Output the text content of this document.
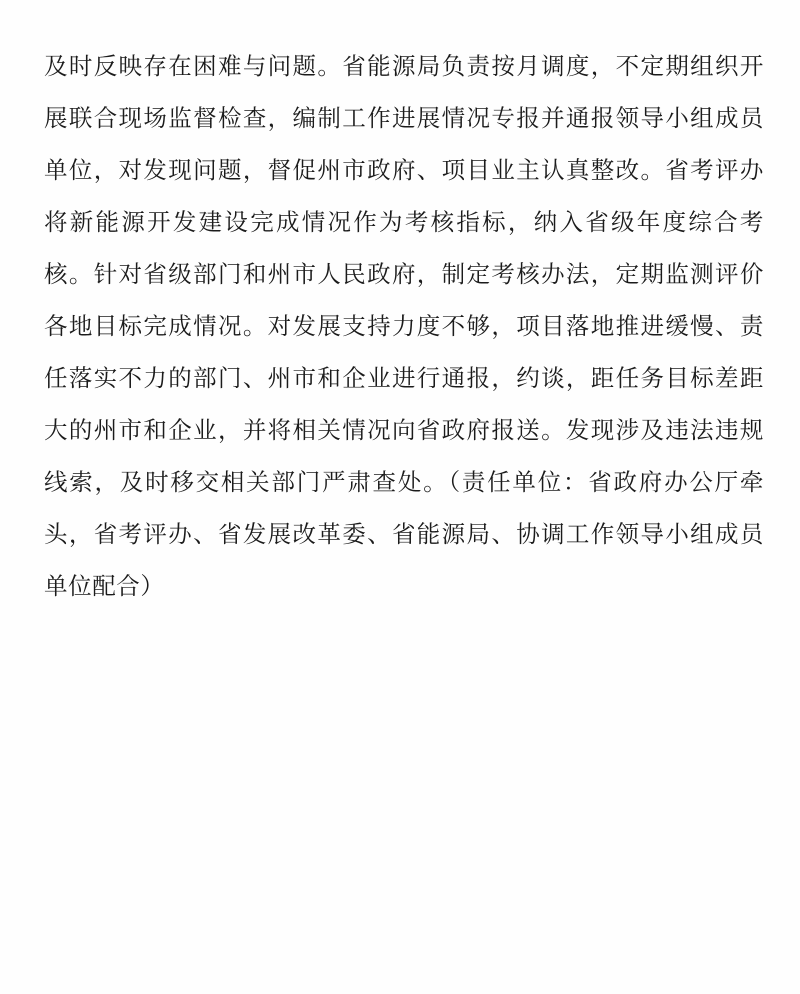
及时反映存在困难与问题。省能源局负责按月调度，不定期组织开展联合现场监督检查，编制工作进展情况专报并通报领导小组成员单位，对发现问题，督促州市政府、项目业主认真整改。省考评办将新能源开发建设完成情况作为考核指标，纳入省级年度综合考核。针对省级部门和州市人民政府，制定考核办法，定期监测评价各地目标完成情况。对发展支持力度不够，项目落地推进缓慢、责任落实不力的部门、州市和企业进行通报，约谈，距任务目标差距大的州市和企业，并将相关情况向省政府报送。发现涉及违法违规线索，及时移交相关部门严肃查处。（责任单位：省政府办公厅牵头，省考评办、省发展改革委、省能源局、协调工作领导小组成员单位配合）
